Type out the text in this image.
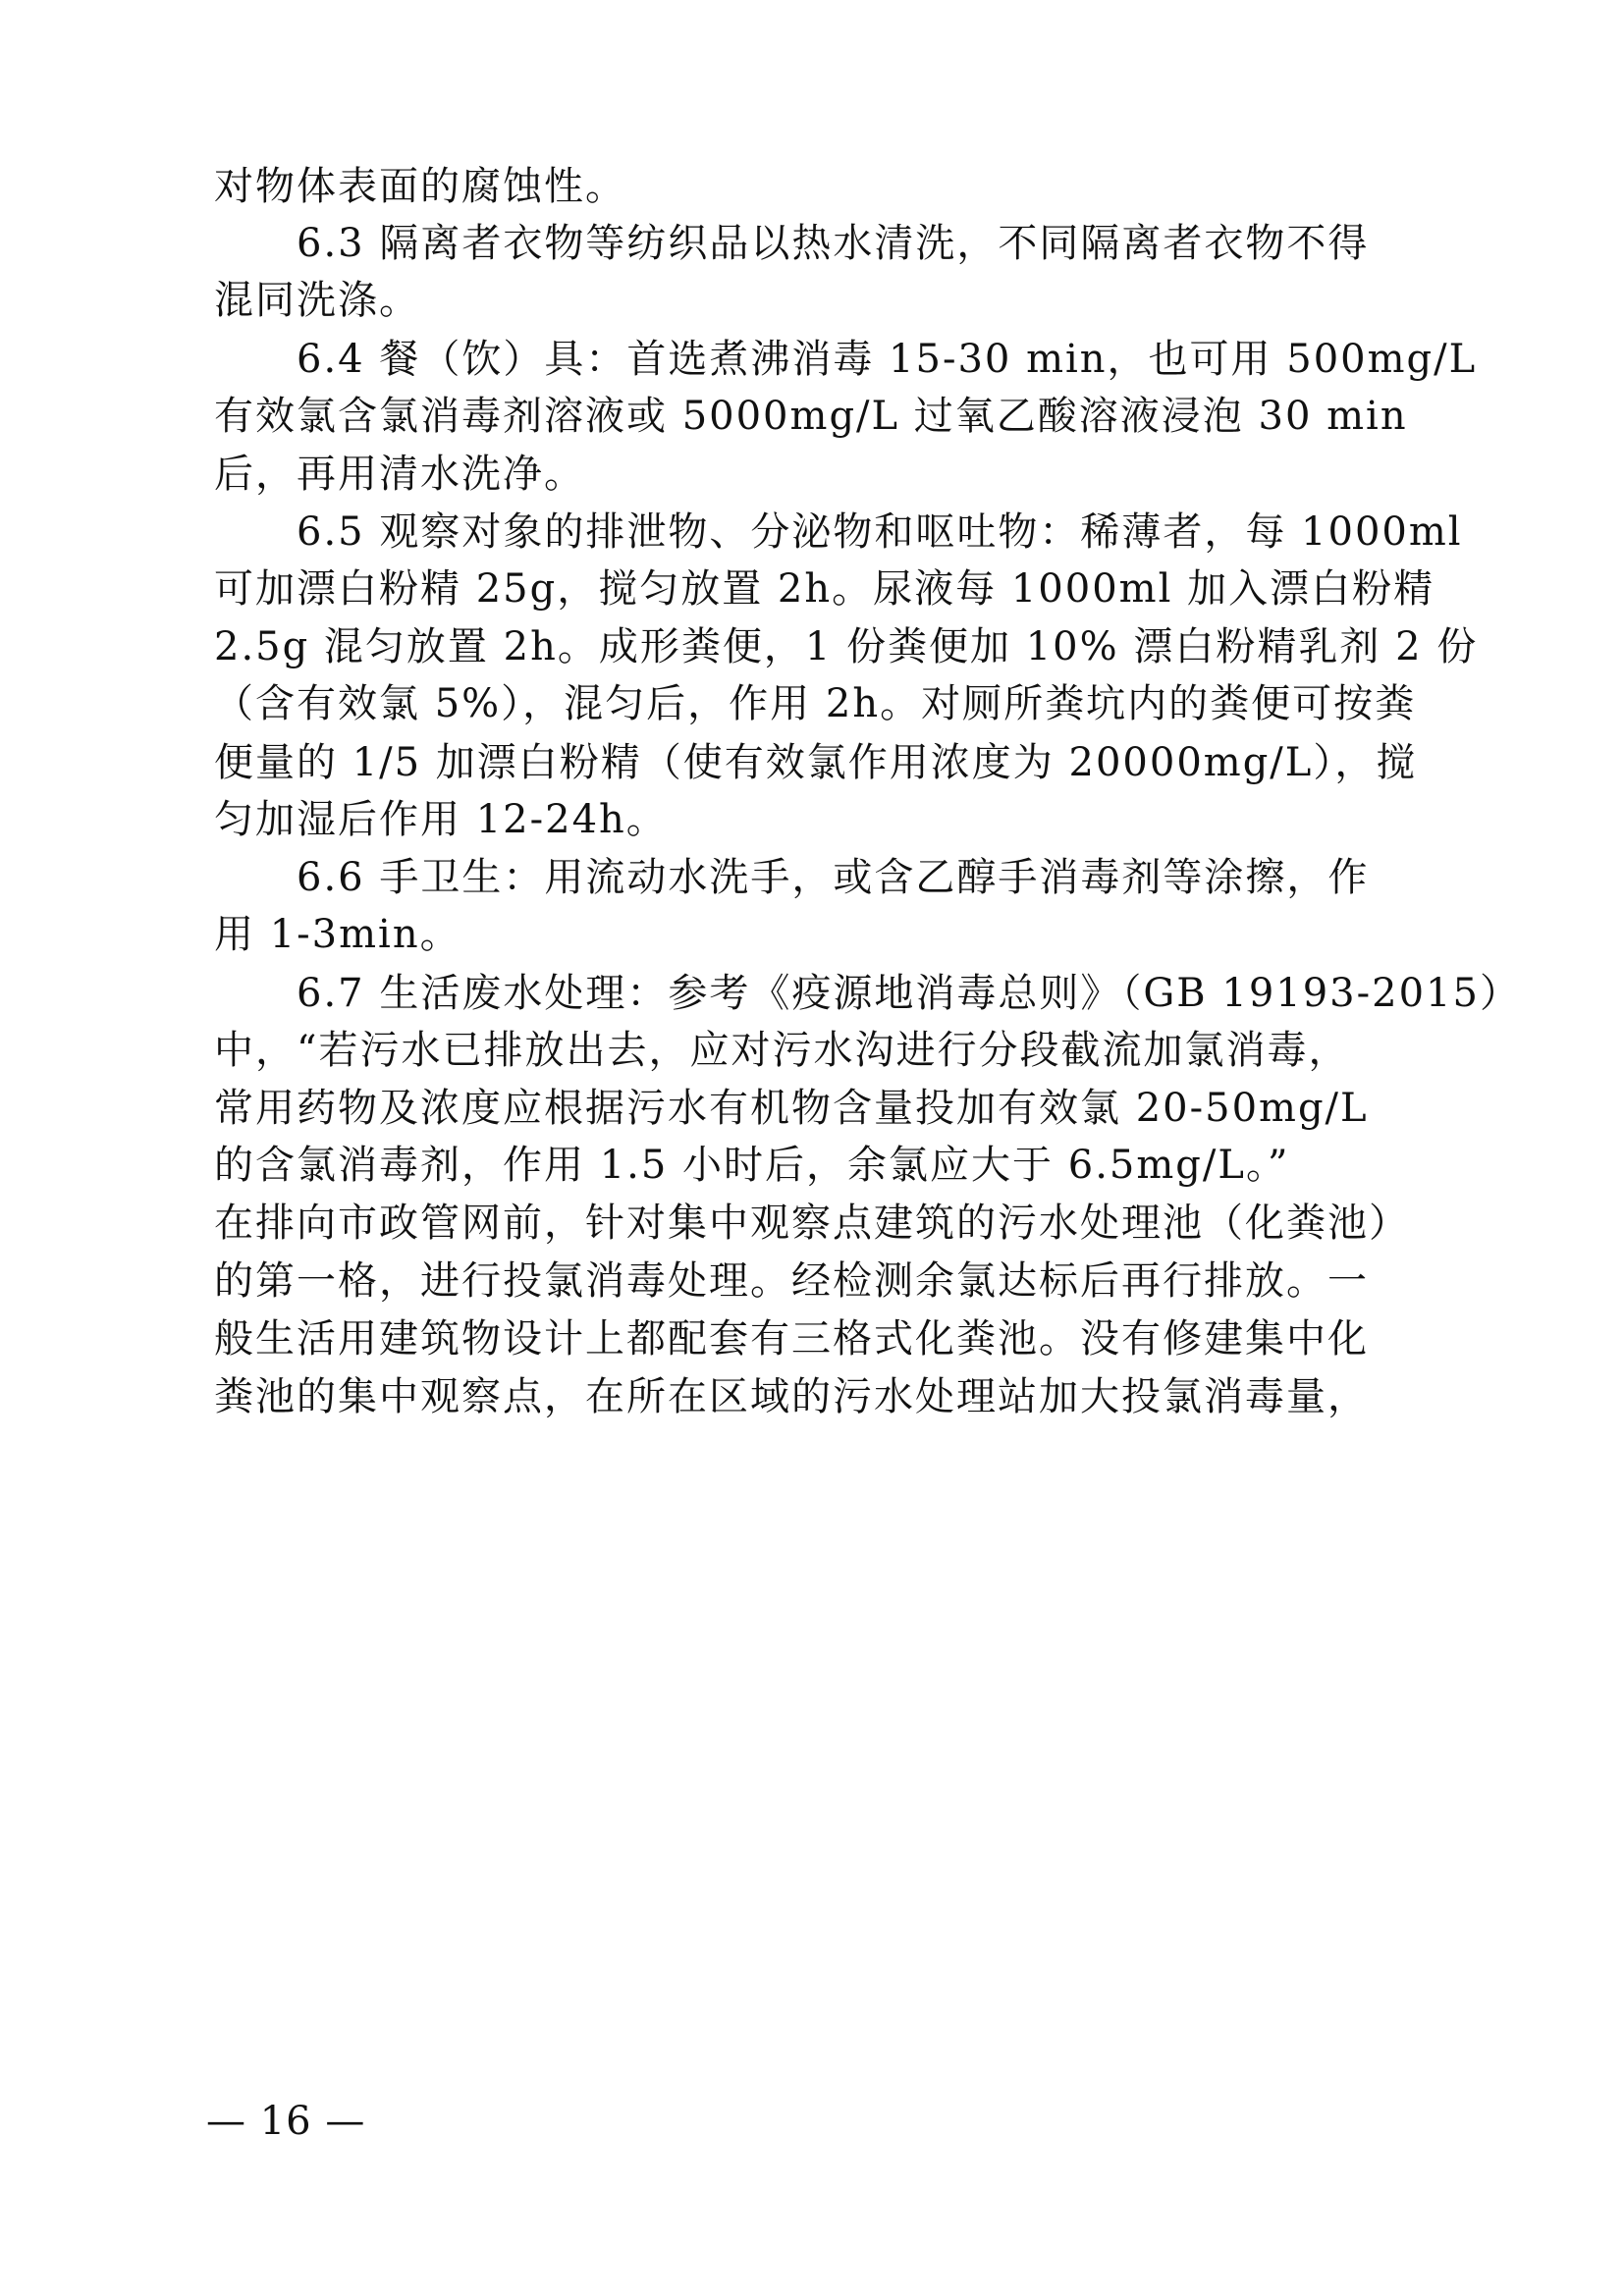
对物体表面的腐蚀性。
　　6.3 隔离者衣物等纺织品以热水清洗，不同隔离者衣物不得
混同洗涤。
　　6.4 餐（饮）具：首选煮沸消毒 15-30 min，也可用 500mg/L
有效氯含氯消毒剂溶液或 5000mg/L 过氧乙酸溶液浸泡 30 min
后，再用清水洗净。
　　6.5 观察对象的排泄物、分泌物和呕吐物：稀薄者，每 1000ml
可加漂白粉精 25g，搅匀放置 2h。尿液每 1000ml 加入漂白粉精
2.5g 混匀放置 2h。成形粪便，1 份粪便加 10% 漂白粉精乳剂 2 份
（含有效氯 5%），混匀后，作用 2h。对厕所粪坑内的粪便可按粪
便量的 1/5 加漂白粉精（使有效氯作用浓度为 20000mg/L），搅
匀加湿后作用 12-24h。
　　6.6 手卫生：用流动水洗手，或含乙醇手消毒剂等涂擦，作
用 1-3min。
　　6.7 生活废水处理：参考《疫源地消毒总则》（GB 19193-2015）
中，“若污水已排放出去，应对污水沟进行分段截流加氯消毒，
常用药物及浓度应根据污水有机物含量投加有效氯 20-50mg/L
的含氯消毒剂，作用 1.5 小时后，余氯应大于 6.5mg/L。”
在排向市政管网前，针对集中观察点建筑的污水处理池（化粪池）
的第一格，进行投氯消毒处理。经检测余氯达标后再行排放。一
般生活用建筑物设计上都配套有三格式化粪池。没有修建集中化
粪池的集中观察点，在所在区域的污水处理站加大投氯消毒量，
— 16 —
